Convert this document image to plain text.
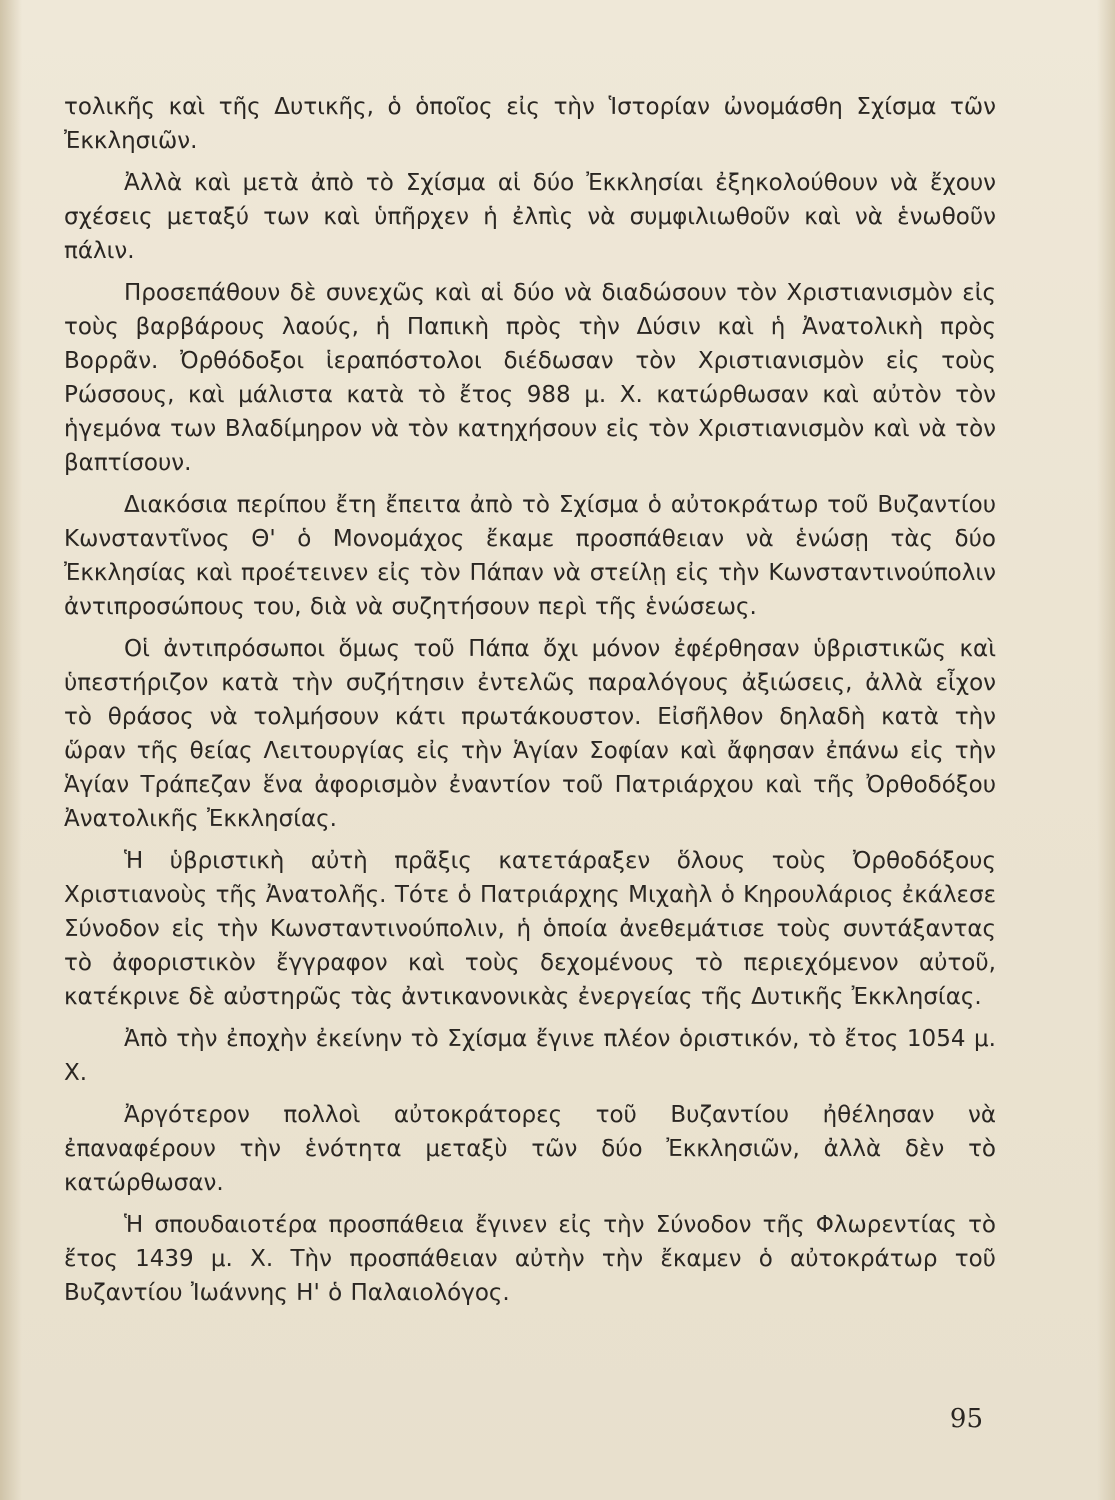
τολικῆς καὶ τῆς Δυτικῆς, ὁ ὁποῖος εἰς τὴν Ἱστορίαν ὠνομάσθη Σχίσμα τῶν Ἐκκλησιῶν.

Ἀλλὰ καὶ μετὰ ἀπὸ τὸ Σχίσμα αἱ δύο Ἐκκλησίαι ἐξηκολούθουν νὰ ἔχουν σχέσεις μεταξύ των καὶ ὑπῆρχεν ἡ ἐλπὶς νὰ συμφιλιωθοῦν καὶ νὰ ἑνωθοῦν πάλιν.

Προσεπάθουν δὲ συνεχῶς καὶ αἱ δύο νὰ διαδώσουν τὸν Χριστιανισμὸν εἰς τοὺς βαρβάρους λαούς, ἡ Παπικὴ πρὸς τὴν Δύσιν καὶ ἡ Ἀνατολικὴ πρὸς Βορρᾶν. Ὀρθόδοξοι ἱεραπόστολοι διέδωσαν τὸν Χριστιανισμὸν εἰς τοὺς Ρώσσους, καὶ μάλιστα κατὰ τὸ ἔτος 988 μ. Χ. κατώρθωσαν καὶ αὐτὸν τὸν ἡγεμόνα των Βλαδίμηρον νὰ τὸν κατηχήσουν εἰς τὸν Χριστιανισμὸν καὶ νὰ τὸν βαπτίσουν.

Διακόσια περίπου ἔτη ἔπειτα ἀπὸ τὸ Σχίσμα ὁ αὐτοκράτωρ τοῦ Βυζαντίου Κωνσταντῖνος Θ' ὁ Μονομάχος ἔκαμε προσπάθειαν νὰ ἑνώσῃ τὰς δύο Ἐκκλησίας καὶ προέτεινεν εἰς τὸν Πάπαν νὰ στείλῃ εἰς τὴν Κωνσταντινούπολιν ἀντιπροσώπους του, διὰ νὰ συζητήσουν περὶ τῆς ἑνώσεως.

Οἱ ἀντιπρόσωποι ὅμως τοῦ Πάπα ὄχι μόνον ἐφέρθησαν ὑβριστικῶς καὶ ὑπεστήριζον κατὰ τὴν συζήτησιν ἐντελῶς παραλόγους ἀξιώσεις, ἀλλὰ εἶχον τὸ θράσος νὰ τολμήσουν κάτι πρωτάκουστον. Εἰσῆλθον δηλαδὴ κατὰ τὴν ὥραν τῆς θείας Λειτουργίας εἰς τὴν Ἁγίαν Σοφίαν καὶ ἄφησαν ἐπάνω εἰς τὴν Ἁγίαν Τράπεζαν ἕνα ἀφορισμὸν ἐναντίον τοῦ Πατριάρχου καὶ τῆς Ὀρθοδόξου Ἀνατολικῆς Ἐκκλησίας.

Ἡ ὑβριστικὴ αὐτὴ πρᾶξις κατετάραξεν ὅλους τοὺς Ὀρθοδόξους Χριστιανοὺς τῆς Ἀνατολῆς. Τότε ὁ Πατριάρχης Μιχαὴλ ὁ Κηρουλάριος ἐκάλεσε Σύνοδον εἰς τὴν Κωνσταντινούπολιν, ἡ ὁποία ἀνεθεμάτισε τοὺς συντάξαντας τὸ ἀφοριστικὸν ἔγγραφον καὶ τοὺς δεχομένους τὸ περιεχόμενον αὐτοῦ, κατέκρινε δὲ αὐστηρῶς τὰς ἀντικανονικὰς ἐνεργείας τῆς Δυτικῆς Ἐκκλησίας.

Ἀπὸ τὴν ἐποχὴν ἐκείνην τὸ Σχίσμα ἔγινε πλέον ὁριστικόν, τὸ ἔτος 1054 μ. Χ.

Ἀργότερον πολλοὶ αὐτοκράτορες τοῦ Βυζαντίου ἠθέλησαν νὰ ἐπαναφέρουν τὴν ἑνότητα μεταξὺ τῶν δύο Ἐκκλησιῶν, ἀλλὰ δὲν τὸ κατώρθωσαν.

Ἡ σπουδαιοτέρα προσπάθεια ἔγινεν εἰς τὴν Σύνοδον τῆς Φλωρεντίας τὸ ἔτος 1439 μ. Χ. Τὴν προσπάθειαν αὐτὴν τὴν ἔκαμεν ὁ αὐτοκράτωρ τοῦ Βυζαντίου Ἰωάννης Η' ὁ Παλαιολόγος.

95
